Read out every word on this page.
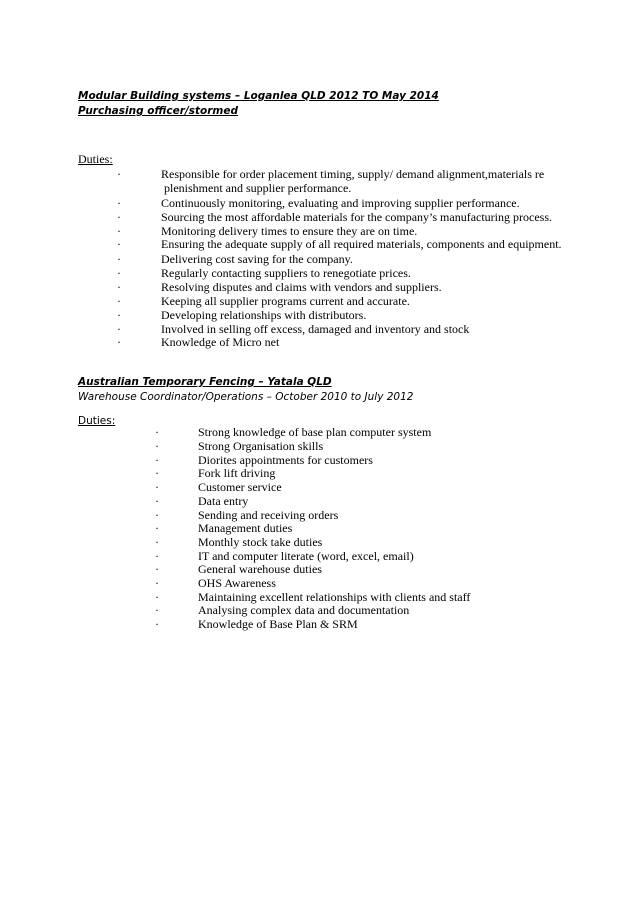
Modular Building systems – Loganlea QLD 2012 TO May 2014
Purchasing officer/stormed
Duties:
·	Responsible for order placement timing, supply/ demand alignment,materials re
plenishment and supplier performance.
·	Continuously monitoring, evaluating and improving supplier performance.
·	Sourcing the most affordable materials for the company’s manufacturing process.
·	Monitoring delivery times to ensure they are on time.
·	Ensuring the adequate supply of all required materials, components and equipment.
·	Delivering cost saving for the company.
·	Regularly contacting suppliers to renegotiate prices.
·	Resolving disputes and claims with vendors and suppliers.
·	Keeping all supplier programs current and accurate.
·	Developing relationships with distributors.
·	Involved in selling off excess, damaged and inventory and stock
·	Knowledge of Micro net
Australian Temporary Fencing – Yatala QLD
Warehouse Coordinator/Operations – October 2010 to July 2012
Duties:
·	Strong knowledge of base plan computer system
·	Strong Organisation skills
·	Diorites appointments for customers
·	Fork lift driving
·	Customer service
·	Data entry
·	Sending and receiving orders
·	Management duties
·	Monthly stock take duties
·	IT and computer literate (word, excel, email)
·	General warehouse duties
·	OHS Awareness
·	Maintaining excellent relationships with clients and staff
·	Analysing complex data and documentation
·	Knowledge of Base Plan & SRM
